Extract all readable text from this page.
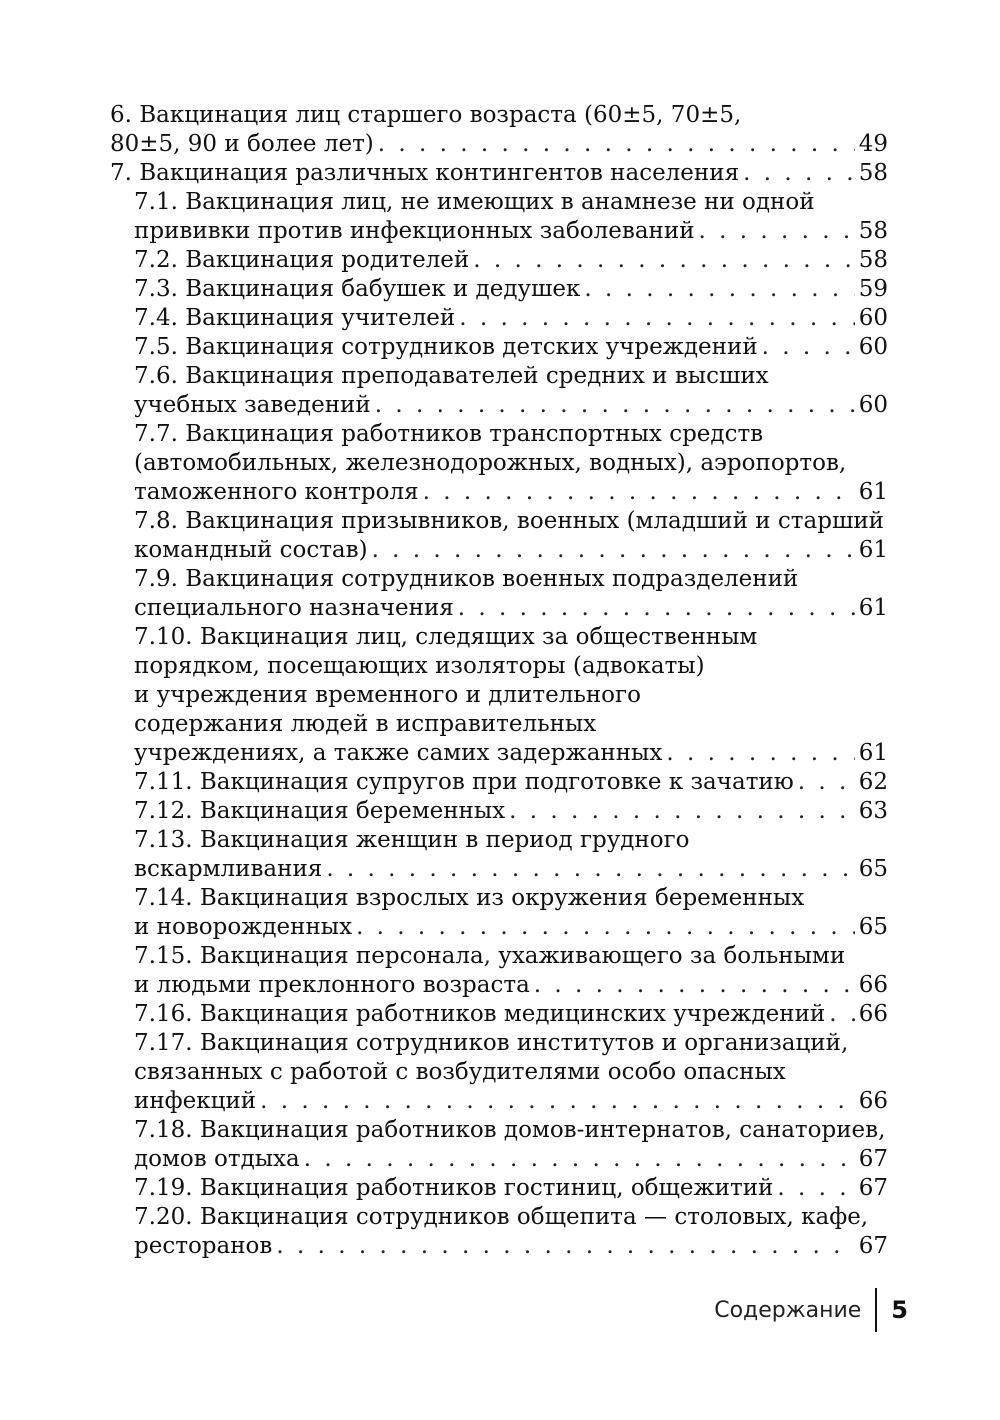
6. Вакцинация лиц старшего возраста (60±5, 70±5,
80±5, 90 и более лет) . . .	49
7. Вакцинация различных контингентов населения . . .	58
7.1. Вакцинация лиц, не имеющих в анамнезе ни одной
прививки против инфекционных заболеваний . . .	58
7.2. Вакцинация родителей . . .	58
7.3. Вакцинация бабушек и дедушек . . .	59
7.4. Вакцинация учителей . . .	60
7.5. Вакцинация сотрудников детских учреждений . . .	60
7.6. Вакцинация преподавателей средних и высших
учебных заведений . . .	60
7.7. Вакцинация работников транспортных средств
(автомобильных, железнодорожных, водных), аэропортов,
таможенного контроля . . .	61
7.8. Вакцинация призывников, военных (младший и старший
командный состав) . . .	61
7.9. Вакцинация сотрудников военных подразделений
специального назначения . . .	61
7.10. Вакцинация лиц, следящих за общественным
порядком, посещающих изоляторы (адвокаты)
и учреждения временного и длительного
содержания людей в исправительных
учреждениях, а также самих задержанных . . .	61
7.11. Вакцинация супругов при подготовке к зачатию . . .	62
7.12. Вакцинация беременных . . .	63
7.13. Вакцинация женщин в период грудного
вскармливания . . .	65
7.14. Вакцинация взрослых из окружения беременных
и новорожденных . . .	65
7.15. Вакцинация персонала, ухаживающего за больными
и людьми преклонного возраста . . .	66
7.16. Вакцинация работников медицинских учреждений . . . 66
7.17. Вакцинация сотрудников институтов и организаций,
связанных с работой с возбудителями особо опасных
инфекций . . .	66
7.18. Вакцинация работников домов-интернатов, санаториев,
домов отдыха . . .	67
7.19. Вакцинация работников гостиниц, общежитий . . .	67
7.20. Вакцинация сотрудников общепита — столовых, кафе,
ресторанов . . .	67
Содержание	5
